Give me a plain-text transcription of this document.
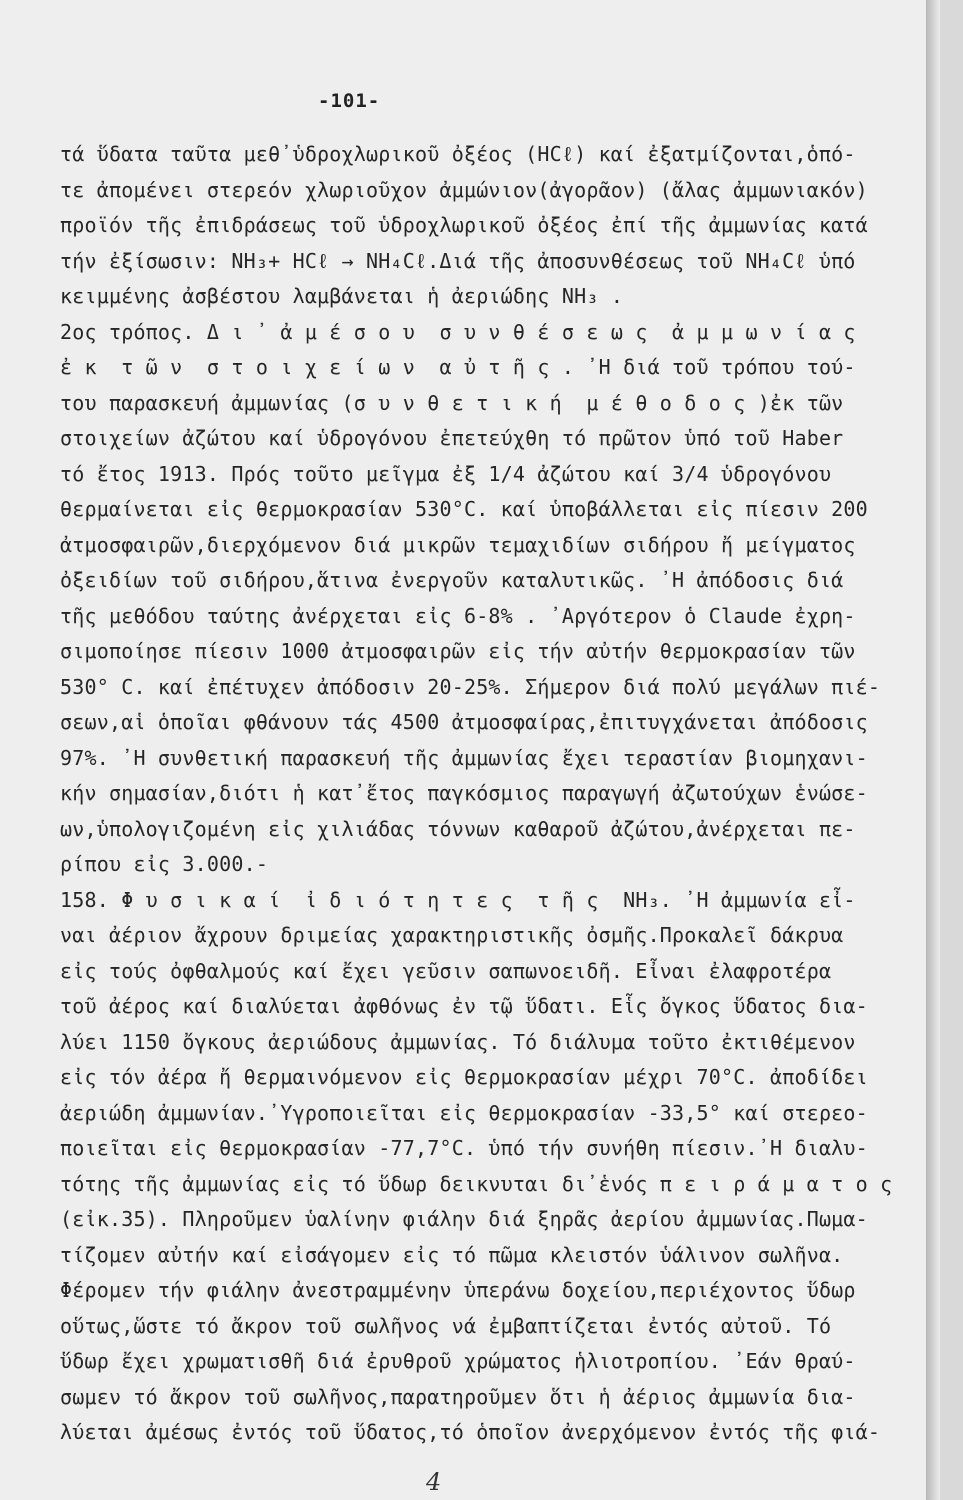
-101-
τά ὕδατα ταῦτα μεθ᾽ὑδροχλωρικοῦ ὀξέος (HCℓ) καί ἐξατμίζονται,ὁπό-
τε ἀπομένει στερεόν χλωριοῦχον ἀμμώνιον(ἀγορᾶον) (ἄλας ἀμμωνιακόν)
προϊόν τῆς ἐπιδράσεως τοῦ ὑδροχλωρικοῦ ὀξέος ἐπί τῆς ἀμμωνίας κατά
τήν ἐξίσωσιν: NH₃+ HCℓ → NH₄Cℓ.Διά τῆς ἀποσυνθέσεως τοῦ NH₄Cℓ ὑπό
κειμμένης ἀσβέστου λαμβάνεται ἡ ἀεριώδης NH₃ .
2ος τρόπος. Δ ι ᾽ ἀ μ έ σ ο υ  σ υ ν θ έ σ ε ω ς  ἀ μ μ ω ν ί α ς
ἐ κ  τ ῶ ν  σ τ ο ι χ ε ί ω ν  α ὐ τ ῆ ς . ᾽Η διά τοῦ τρόπου τού-
του παρασκευή ἀμμωνίας (σ υ ν θ ε τ ι κ ή  μ έ θ ο δ ο ς )ἐκ τῶν
στοιχείων ἀζώτου καί ὑδρογόνου ἐπετεύχθη τό πρῶτον ὑπό τοῦ Haber
τό ἔτος 1913. Πρός τοῦτο μεῖγμα ἐξ 1/4 ἀζώτου καί 3/4 ὑδρογόνου
θερμαίνεται εἰς θερμοκρασίαν 530°C. καί ὑποβάλλεται εἰς πίεσιν 200
ἀτμοσφαιρῶν,διερχόμενον διά μικρῶν τεμαχιδίων σιδήρου ἤ μείγματος
ὀξειδίων τοῦ σιδήρου,ἅτινα ἐνεργοῦν καταλυτικῶς. ᾽Η ἀπόδοσις διά
τῆς μεθόδου ταύτης ἀνέρχεται εἰς 6-8% . ᾽Αργότερον ὁ Claude ἐχρη-
σιμοποίησε πίεσιν 1000 ἀτμοσφαιρῶν εἰς τήν αὐτήν θερμοκρασίαν τῶν
530° C. καί ἐπέτυχεν ἀπόδοσιν 20-25%. Σήμερον διά πολύ μεγάλων πιέ-
σεων,αἱ ὁποῖαι φθάνουν τάς 4500 ἀτμοσφαίρας,ἐπιτυγχάνεται ἀπόδοσις
97%. ᾽Η συνθετική παρασκευή τῆς ἀμμωνίας ἔχει τεραστίαν βιομηχανι-
κήν σημασίαν,διότι ἡ κατ᾽ἔτος παγκόσμιος παραγωγή ἀζωτούχων ἑνώσε-
ων,ὑπολογιζομένη εἰς χιλιάδας τόννων καθαροῦ ἀζώτου,ἀνέρχεται πε-
ρίπου εἰς 3.000.-
158. Φ υ σ ι κ α ί  ἰ δ ι ό τ η τ ε ς  τ ῆ ς  NH₃. ᾽Η ἀμμωνία εἶ-
ναι ἀέριον ἄχρουν δριμείας χαρακτηριστικῆς ὀσμῆς.Προκαλεῖ δάκρυα
εἰς τούς ὀφθαλμούς καί ἔχει γεῦσιν σαπωνοειδῆ. Εἶναι ἐλαφροτέρα
τοῦ ἀέρος καί διαλύεται ἀφθόνως ἐν τῷ ὕδατι. Εἷς ὄγκος ὕδατος δια-
λύει 1150 ὄγκους ἀεριώδους ἀμμωνίας. Τό διάλυμα τοῦτο ἐκτιθέμενον
εἰς τόν ἀέρα ἤ θερμαινόμενον εἰς θερμοκρασίαν μέχρι 70°C. ἀποδίδει
ἀεριώδη ἀμμωνίαν.᾽Υγροποιεῖται εἰς θερμοκρασίαν -33,5° καί στερεο-
ποιεῖται εἰς θερμοκρασίαν -77,7°C. ὑπό τήν συνήθη πίεσιν.᾽Η διαλυ-
τότης τῆς ἀμμωνίας εἰς τό ὕδωρ δεικνυται δι᾽ἑνός π ε ι ρ ά μ α τ ο ς
(εἰκ.35). Πληροῦμεν ὑαλίνην φιάλην διά ξηρᾶς ἀερίου ἀμμωνίας.Πωμα-
τίζομεν αὐτήν καί εἰσάγομεν εἰς τό πῶμα κλειστόν ὑάλινον σωλῆνα.
Φέρομεν τήν φιάλην ἀνεστραμμένην ὑπεράνω δοχείου,περιέχοντος ὕδωρ
οὕτως,ὥστε τό ἄκρον τοῦ σωλῆνος νά ἐμβαπτίζεται ἐντός αὐτοῦ. Τό
ὕδωρ ἔχει χρωματισθῆ διά ἐρυθροῦ χρώματος ἡλιοτροπίου. ᾽Εάν θραύ-
σωμεν τό ἄκρον τοῦ σωλῆνος,παρατηροῦμεν ὅτι ἡ ἀέριος ἀμμωνία δια-
λύεται ἀμέσως ἐντός τοῦ ὕδατος,τό ὁποῖον ἀνερχόμενον ἐντός τῆς φιά-
4
